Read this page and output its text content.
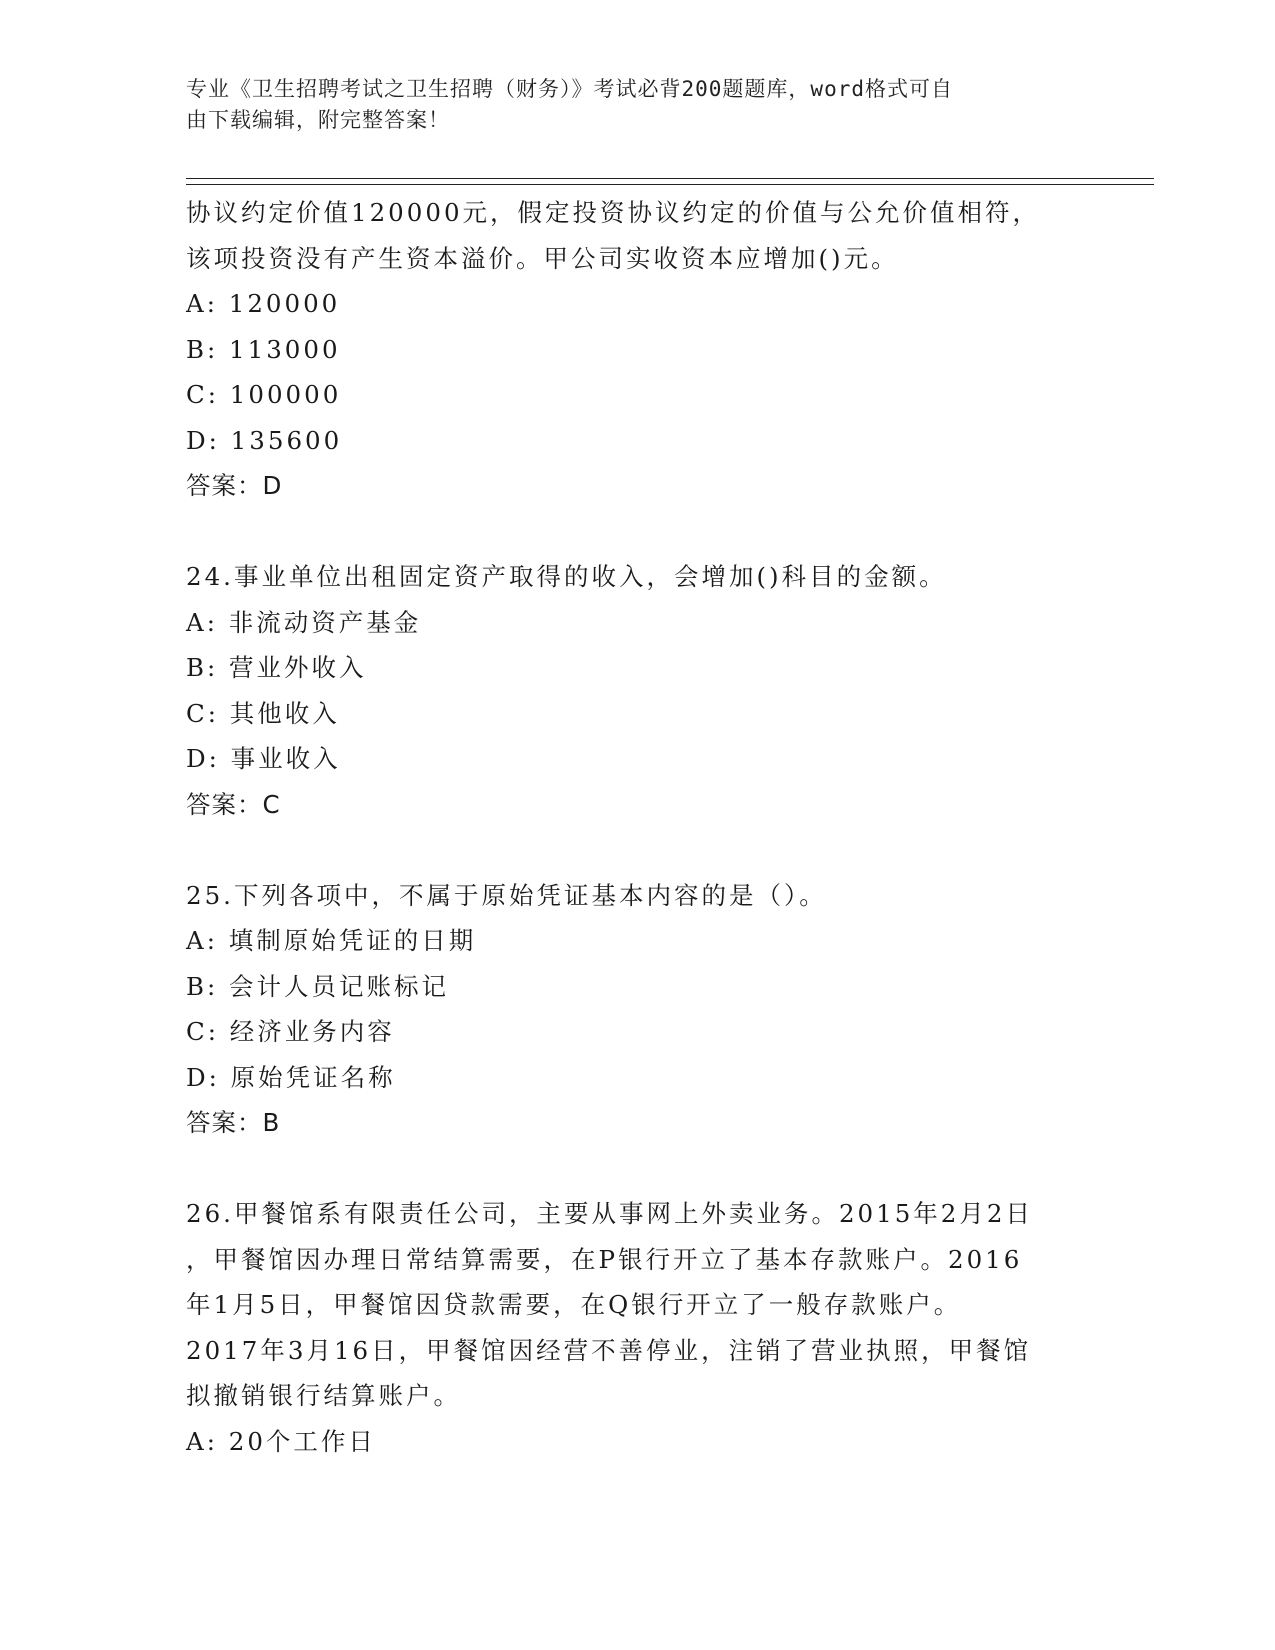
专业《卫生招聘考试之卫生招聘（财务）》考试必背200题题库，word格式可自
由下载编辑，附完整答案！
协议约定价值120000元，假定投资协议约定的价值与公允价值相符，
该项投资没有产生资本溢价。甲公司实收资本应增加()元。
A: 120000
B: 113000
C: 100000
D: 135600
答案：D
24.事业单位出租固定资产取得的收入，会增加()科目的金额。
A: 非流动资产基金
B: 营业外收入
C: 其他收入
D: 事业收入
答案：C
25.下列各项中，不属于原始凭证基本内容的是（）。
A: 填制原始凭证的日期
B: 会计人员记账标记
C: 经济业务内容
D: 原始凭证名称
答案：B
26.甲餐馆系有限责任公司，主要从事网上外卖业务。2015年2月2日
，甲餐馆因办理日常结算需要，在P银行开立了基本存款账户。2016
年1月5日，甲餐馆因贷款需要，在Q银行开立了一般存款账户。
2017年3月16日，甲餐馆因经营不善停业，注销了营业执照，甲餐馆
拟撤销银行结算账户。
A: 20个工作日
